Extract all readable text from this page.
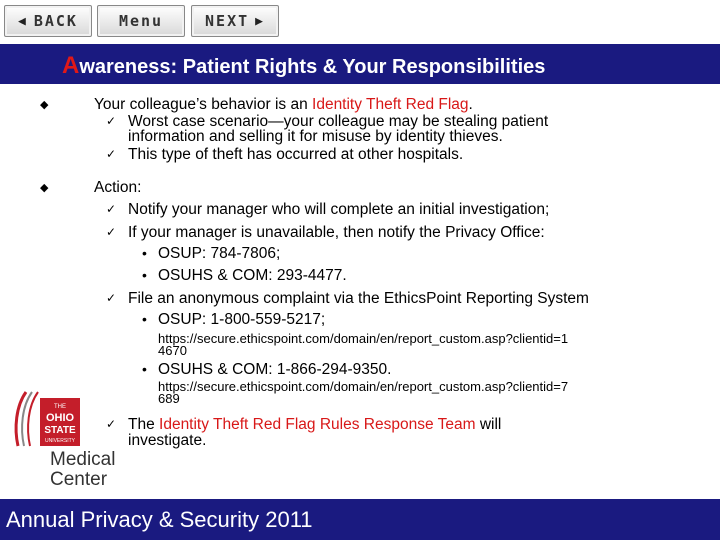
◀ BACK	Menu	NEXT ▶
Awareness: Patient Rights & Your Responsibilities
◆	Your colleague’s behavior is an Identity Theft Red Flag.
✓ Worst case scenario—your colleague may be stealing patient
information and selling it for misuse by identity thieves.
✓ This type of theft has occurred at other hospitals.
◆	Action:
✓ Notify your manager who will complete an initial investigation;
✓ If your manager is unavailable, then notify the Privacy Office:
• OSUP: 784-7806;
• OSUHS & COM: 293-4477.
✓ File an anonymous complaint via the EthicsPoint Reporting System
• OSUP: 1-800-559-5217;
https://secure.ethicspoint.com/domain/en/report_custom.asp?clientid=1
4670
• OSUHS & COM: 1-866-294-9350.
https://secure.ethicspoint.com/domain/en/report_custom.asp?clientid=7
689
✓ The Identity Theft Red Flag Rules Response Team will
investigate.
THE
OHIO
STATE
UNIVERSITY
Medical
Center
Annual Privacy & Security 2011
